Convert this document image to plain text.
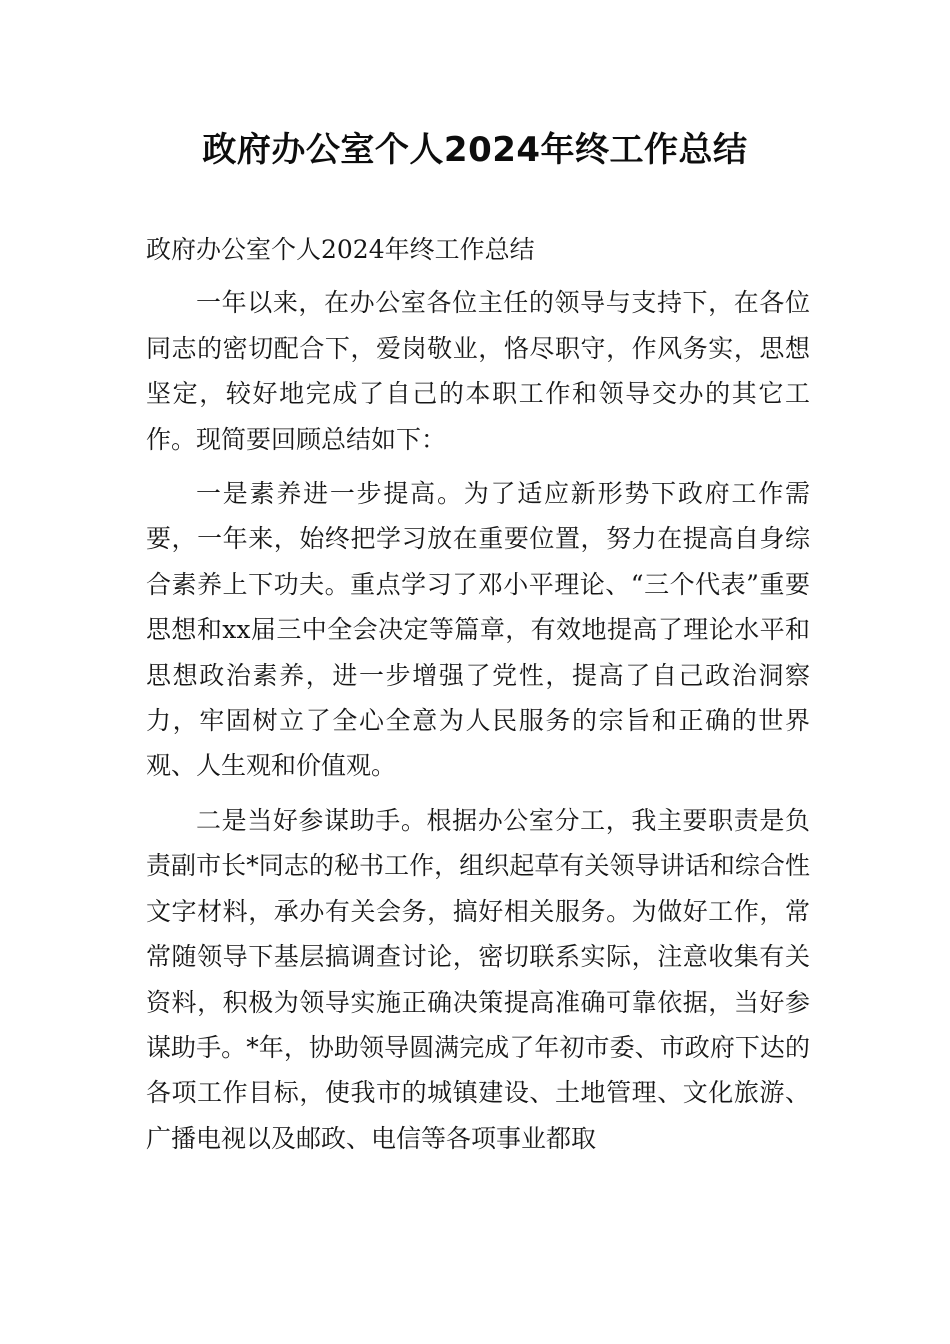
政府办公室个人2024年终工作总结

政府办公室个人2024年终工作总结

一年以来，在办公室各位主任的领导与支持下，在各位同志的密切配合下，爱岗敬业，恪尽职守，作风务实，思想坚定，较好地完成了自己的本职工作和领导交办的其它工作。现简要回顾总结如下：

一是素养进一步提高。为了适应新形势下政府工作需要，一年来，始终把学习放在重要位置，努力在提高自身综合素养上下功夫。重点学习了邓小平理论、“三个代表”重要思想和xx届三中全会决定等篇章，有效地提高了理论水平和思想政治素养，进一步增强了党性，提高了自己政治洞察力，牢固树立了全心全意为人民服务的宗旨和正确的世界观、人生观和价值观。

二是当好参谋助手。根据办公室分工，我主要职责是负责副市长*同志的秘书工作，组织起草有关领导讲话和综合性文字材料，承办有关会务，搞好相关服务。为做好工作，常常随领导下基层搞调查讨论，密切联系实际，注意收集有关资料，积极为领导实施正确决策提高准确可靠依据，当好参谋助手。*年，协助领导圆满完成了年初市委、市政府下达的各项工作目标，使我市的城镇建设、土地管理、文化旅游、广播电视以及邮政、电信等各项事业都取
